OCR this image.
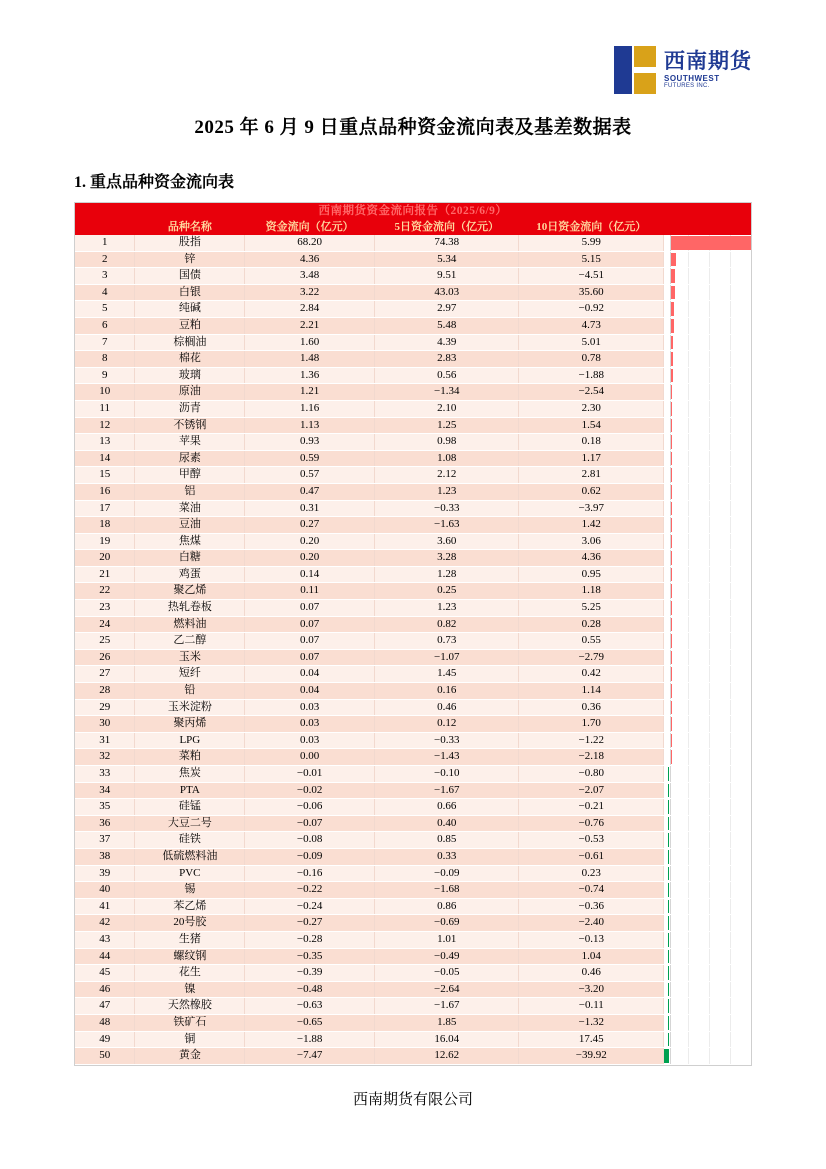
西南期货
SOUTHWEST
FUTURES INC.
2025 年 6 月 9 日重点品种资金流向表及基差数据表
1. 重点品种资金流向表
西南期货资金流向报告（2025/6/9）					
	品种名称	资金流向（亿元）	5日资金流向（亿元）	10日资金流向（亿元）	
1	股指	68.20	74.38	5.99	

2	锌	4.36	5.34	5.15	

3	国债	3.48	9.51	−4.51	

4	白银	3.22	43.03	35.60	

5	纯碱	2.84	2.97	−0.92	

6	豆粕	2.21	5.48	4.73	

7	棕榈油	1.60	4.39	5.01	

8	棉花	1.48	2.83	0.78	

9	玻璃	1.36	0.56	−1.88	

10	原油	1.21	−1.34	−2.54	

11	沥青	1.16	2.10	2.30	

12	不锈钢	1.13	1.25	1.54	

13	苹果	0.93	0.98	0.18	

14	尿素	0.59	1.08	1.17	

15	甲醇	0.57	2.12	2.81	

16	铝	0.47	1.23	0.62	

17	菜油	0.31	−0.33	−3.97	

18	豆油	0.27	−1.63	1.42	

19	焦煤	0.20	3.60	3.06	

20	白糖	0.20	3.28	4.36	

21	鸡蛋	0.14	1.28	0.95	

22	聚乙烯	0.11	0.25	1.18	

23	热轧卷板	0.07	1.23	5.25	

24	燃料油	0.07	0.82	0.28	

25	乙二醇	0.07	0.73	0.55	

26	玉米	0.07	−1.07	−2.79	

27	短纤	0.04	1.45	0.42	

28	铅	0.04	0.16	1.14	

29	玉米淀粉	0.03	0.46	0.36	

30	聚丙烯	0.03	0.12	1.70	

31	LPG	0.03	−0.33	−1.22	

32	菜粕	0.00	−1.43	−2.18	

33	焦炭	−0.01	−0.10	−0.80	

34	PTA	−0.02	−1.67	−2.07	

35	硅锰	−0.06	0.66	−0.21	

36	大豆二号	−0.07	0.40	−0.76	

37	硅铁	−0.08	0.85	−0.53	

38	低硫燃料油	−0.09	0.33	−0.61	

39	PVC	−0.16	−0.09	0.23	

40	锡	−0.22	−1.68	−0.74	

41	苯乙烯	−0.24	0.86	−0.36	

42	20号胶	−0.27	−0.69	−2.40	

43	生猪	−0.28	1.01	−0.13	

44	螺纹钢	−0.35	−0.49	1.04	

45	花生	−0.39	−0.05	0.46	

46	镍	−0.48	−2.64	−3.20	

47	天然橡胶	−0.63	−1.67	−0.11	

48	铁矿石	−0.65	1.85	−1.32	

49	铜	−1.88	16.04	17.45	

50	黄金	−7.47	12.62	−39.92	
西南期货有限公司
